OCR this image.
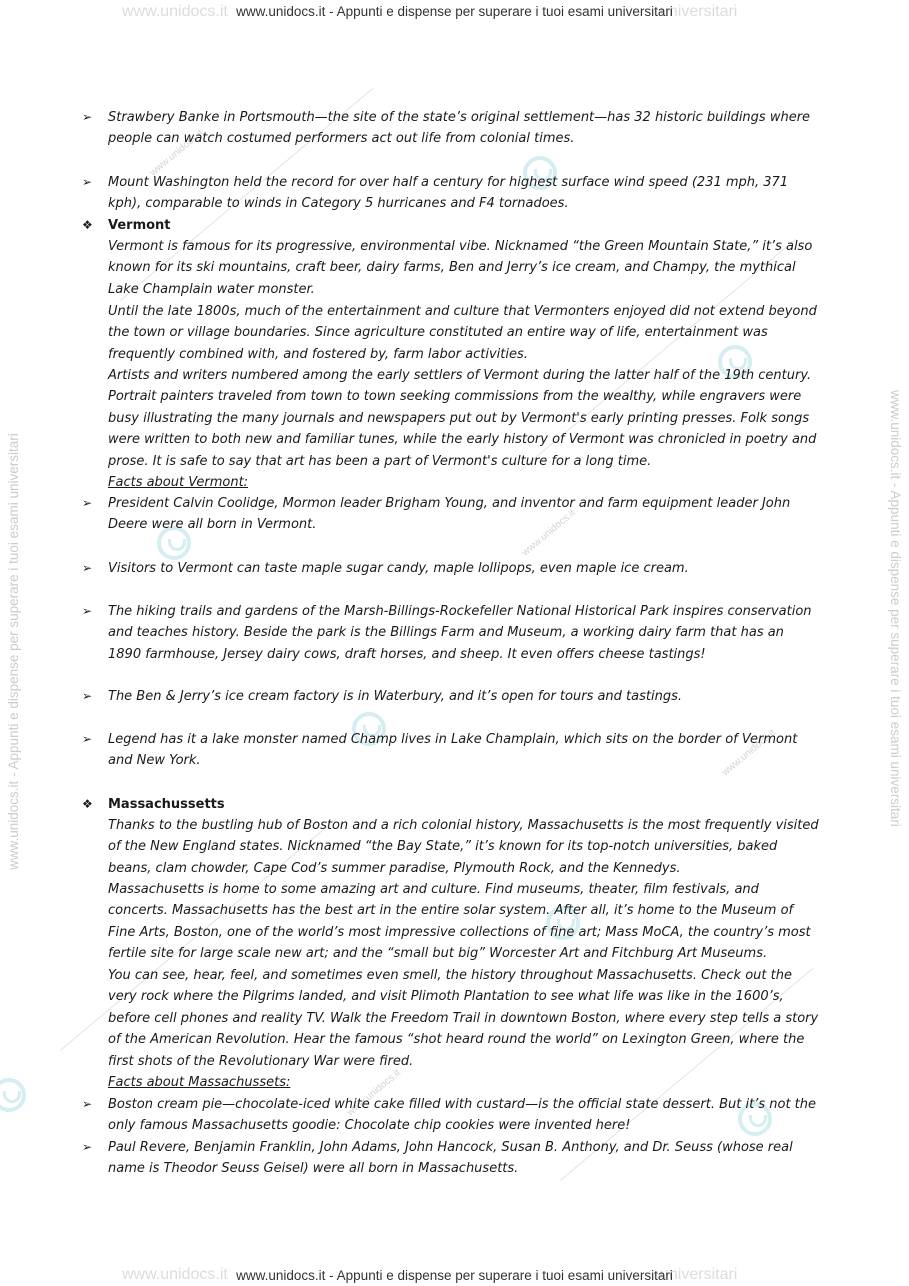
www.unidocs.it	universitari
www.unidocs.it - Appunti e dispense per superare i tuoi esami universitari
www.unidocs.it	universitari
www.unidocs.it - Appunti e dispense per superare i tuoi esami universitari
www.unidocs.it - Appunti e dispense per superare i tuoi esami universitari	www.unidocs.it - Appunti e dispense per superare i tuoi esami universitari
www.unidocs.it
www.unidocs.it
www.unidocs.it
www.unidocs.it
➢ Strawbery Banke in Portsmouth—the site of the state’s original settlement—has 32 historic buildings where people can watch costumed performers act out life from colonial times.
➢ Mount Washington held the record for over half a century for highest surface wind speed (231 mph, 371 kph), comparable to winds in Category 5 hurricanes and F4 tornadoes.
❖ Vermont
Vermont is famous for its progressive, environmental vibe. Nicknamed “the Green Mountain State,” it’s also known for its ski mountains, craft beer, dairy farms, Ben and Jerry’s ice cream, and Champy, the mythical Lake Champlain water monster.
Until the late 1800s, much of the entertainment and culture that Vermonters enjoyed did not extend beyond the town or village boundaries. Since agriculture constituted an entire way of life, entertainment was frequently combined with, and fostered by, farm labor activities.
Artists and writers numbered among the early settlers of Vermont during the latter half of the 19th century. Portrait painters traveled from town to town seeking commissions from the wealthy, while engravers were busy illustrating the many journals and newspapers put out by Vermont's early printing presses. Folk songs were written to both new and familiar tunes, while the early history of Vermont was chronicled in poetry and prose. It is safe to say that art has been a part of Vermont's culture for a long time.
Facts about Vermont:
➢ President Calvin Coolidge, Mormon leader Brigham Young, and inventor and farm equipment leader John Deere were all born in Vermont.
➢ Visitors to Vermont can taste maple sugar candy, maple lollipops, even maple ice cream.
➢ The hiking trails and gardens of the Marsh-Billings-Rockefeller National Historical Park inspires conservation and teaches history. Beside the park is the Billings Farm and Museum, a working dairy farm that has an 1890 farmhouse, Jersey dairy cows, draft horses, and sheep. It even offers cheese tastings!
➢ The Ben & Jerry’s ice cream factory is in Waterbury, and it’s open for tours and tastings.
➢ Legend has it a lake monster named Champ lives in Lake Champlain, which sits on the border of Vermont and New York.
❖ Massachussetts
Thanks to the bustling hub of Boston and a rich colonial history, Massachusetts is the most frequently visited of the New England states. Nicknamed “the Bay State,” it’s known for its top-notch universities, baked beans, clam chowder, Cape Cod’s summer paradise, Plymouth Rock, and the Kennedys.
Massachusetts is home to some amazing art and culture. Find museums, theater, film festivals, and concerts. Massachusetts has the best art in the entire solar system. After all, it’s home to the Museum of Fine Arts, Boston, one of the world’s most impressive collections of fine art; Mass MoCA, the country’s most fertile site for large scale new art; and the “small but big” Worcester Art and Fitchburg Art Museums.
You can see, hear, feel, and sometimes even smell, the history throughout Massachusetts. Check out the very rock where the Pilgrims landed, and visit Plimoth Plantation to see what life was like in the 1600’s, before cell phones and reality TV. Walk the Freedom Trail in downtown Boston, where every step tells a story of the American Revolution. Hear the famous “shot heard round the world” on Lexington Green, where the first shots of the Revolutionary War were fired.
Facts about Massachussets:
➢ Boston cream pie—chocolate-iced white cake filled with custard—is the official state dessert. But it’s not the only famous Massachusetts goodie: Chocolate chip cookies were invented here!
➢ Paul Revere, Benjamin Franklin, John Adams, John Hancock, Susan B. Anthony, and Dr. Seuss (whose real name is Theodor Seuss Geisel) were all born in Massachusetts.
